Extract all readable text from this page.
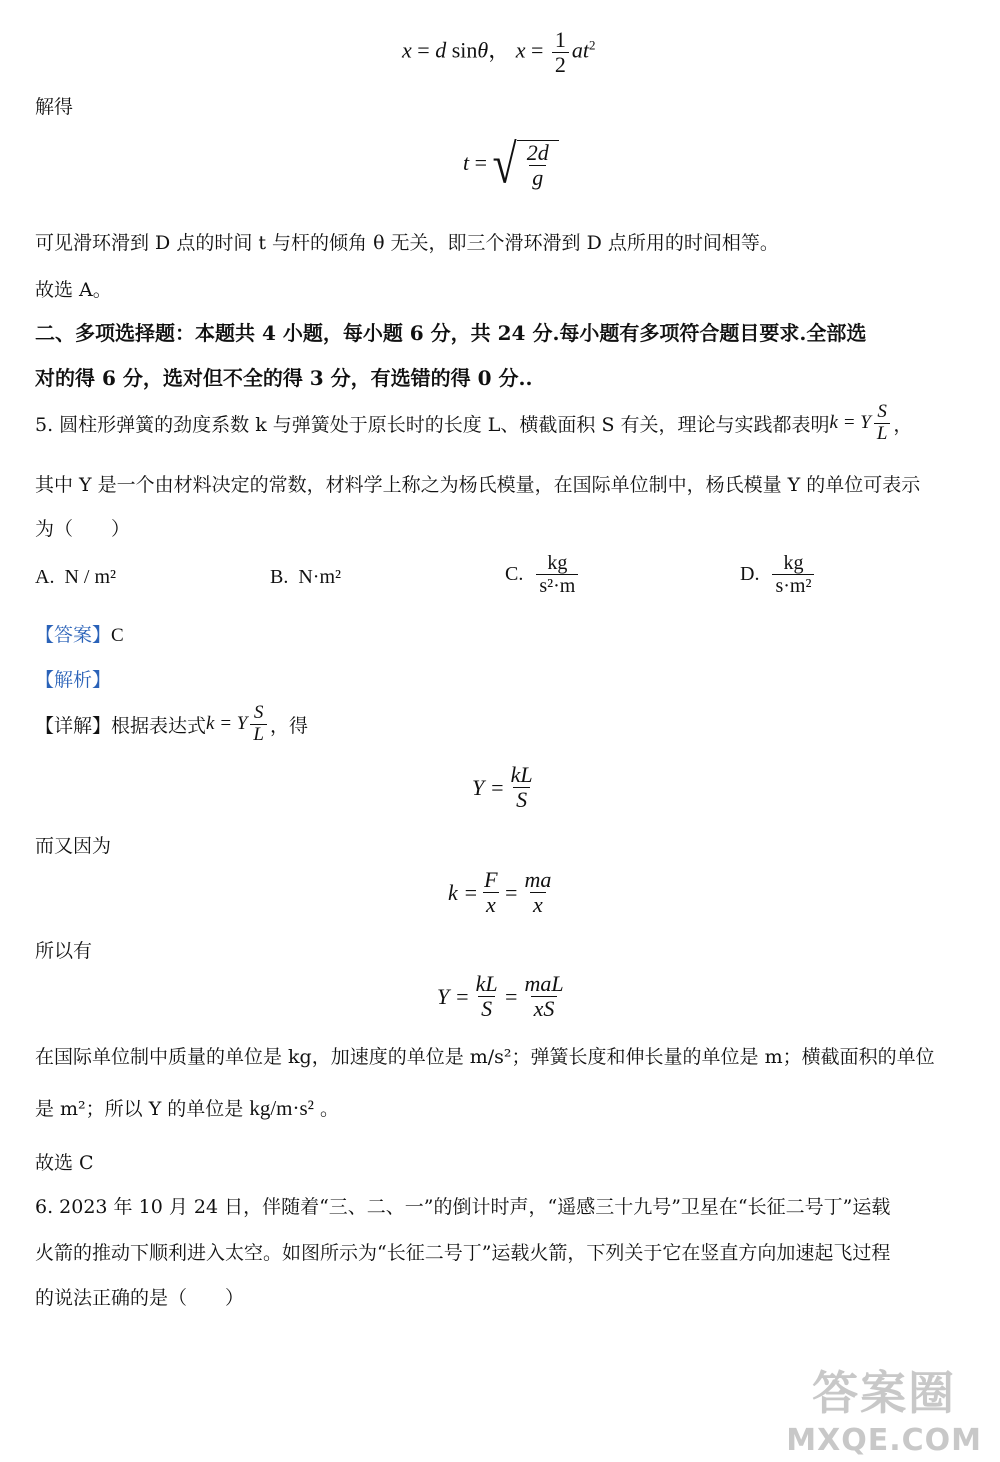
x = d sinθ， $x = \frac{1}{2} at^2$
解得
t = √ $\frac{2d}{g}$
可见滑环滑到 D 点的时间 t 与杆的倾角 θ 无关，即三个滑环滑到 D 点所用的时间相等。
故选 A。
二、多项选择题：本题共 4 小题，每小题 6 分，共 24 分.每小题有多项符合题目要求.全部选
对的得 6 分，选对但不全的得 3 分，有选错的得 0 分..
5. 圆柱形弹簧的劲度系数 k 与弹簧处于原长时的长度 L、横截面积 S 有关，理论与实践都表明 k = Y $\frac{S}{L}$ ，
其中 Y 是一个由材料决定的常数，材料学上称之为杨氏模量，在国际单位制中，杨氏模量 Y 的单位可表示
为（　　）
A. N / m²	B. N·m²	C.
$\frac{kg}{\text{s²·m}}$	D.
$\frac{kg}{\text{s·m²}}$
【答案】C
【解析】
【详解】 根据表达式 k = Y $\frac{S}{L}$ ，得
$Y = \frac{kL}{S}$
而又因为
$k = \frac{F}{x} = \frac{ma}{x}$
所以有
$Y = \frac{kL}{S} = \frac{\text{maL}}{xS}$
在国际单位制中质量的单位是 kg，加速度的单位是 m/s²；弹簧长度和伸长量的单位是 m；横截面积的单位
是 m²；所以 Y 的单位是 kg/m·s² 。
故选 C
6. 2023 年 10 月 24 日，伴随着“三、二、一”的倒计时声，“遥感三十九号”卫星在“长征二号丁”运载
火箭的推动下顺利进入太空。如图所示为“长征二号丁”运载火箭，下列关于它在竖直方向加速起飞过程
的说法正确的是（　　）
答案圈
MXQE.COM
